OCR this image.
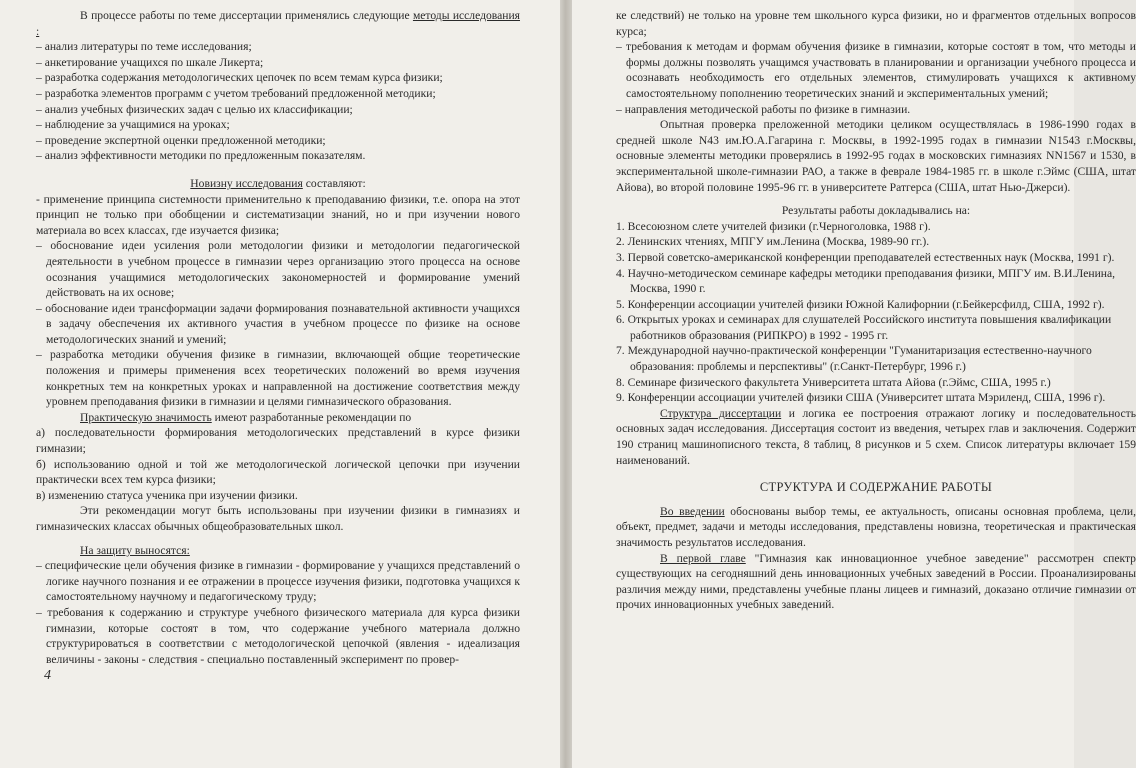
В процессе работы по теме диссертации применялись следующие методы исследования :

– анализ литературы по теме исследования;

– анкетирование учащихся по шкале Ликерта;

– разработка содержания методологических цепочек по всем темам курса физики;

– разработка элементов программ с учетом требований предложенной методики;

– анализ учебных физических задач с целью их классификации;

– наблюдение за учащимися на уроках;

– проведение экспертной оценки предложенной методики;

– анализ эффективности методики по предложенным показателям.

Новизну исследования составляют:

- применение принципа системности применительно к преподаванию физики, т.е. опора на этот принцип не только при обобщении и систематизации знаний, но и при изучении нового материала во всех классах, где изучается физика;

– обоснование идеи усиления роли методологии физики и методологии педагогической деятельности в учебном процессе в гимназии через организацию этого процесса на основе осознания учащимися методологических закономерностей и формирование умений действовать на их основе;

– обоснование идеи трансформации задачи формирования познавательной активности учащихся в задачу обеспечения их активного участия в учебном процессе по физике на основе методологических знаний и умений;

– разработка методики обучения физике в гимназии, включающей общие теоретические положения и примеры применения всех теоретических положений во время изучения конкретных тем на конкретных уроках и направленной на достижение соответствия между уровнем преподавания физики в гимназии и целями гимназического образования.

Практическую значимость имеют разработанные рекомендации по

а) последовательности формирования методологических представлений в курсе физики гимназии;

б) использованию одной и той же методологической логической цепочки при изучении практически всех тем курса физики;

в) изменению статуса ученика при изучении физики.

Эти рекомендации могут быть использованы при изучении физики в гимназиях и гимназических классах обычных общеобразовательных школ.

На защиту выносятся:

– специфические цели обучения физике в гимназии - формирование у учащихся представлений о логике научного познания и ее отражении в процессе изучения физики, подготовка учащихся к самостоятельному научному и педагогическому труду;

– требования к содержанию и структуре учебного физического материала для курса физики гимназии, которые состоят в том, что содержание учебного материала должно структурироваться в соответствии с методологической цепочкой (явления - идеализация величины - законы - следствия - специально поставленный эксперимент по провер-

4

ке следствий) не только на уровне тем школьного курса физики, но и фрагментов отдельных вопросов курса;

– требования к методам и формам обучения физике в гимназии, которые состоят в том, что методы и формы должны позволять учащимся участвовать в планировании и организации учебного процесса и осознавать необходимость его отдельных элементов, стимулировать учащихся к активному самостоятельному пополнению теоретических знаний и экспериментальных умений;

– направления методической работы по физике в гимназии.

Опытная проверка преложенной методики целиком осуществлялась в 1986-1990 годах в средней школе N43 им.Ю.А.Гагарина г. Москвы, в 1992-1995 годах в гимназии N1543 г.Москвы, основные элементы методики проверялись в 1992-95 годах в московских гимназиях NN1567 и 1530, в экспериментальной школе-гимназии РАО, а также в феврале 1984-1985 гг. в школе г.Эймс (США, штат Айова), во второй половине 1995-96 гг. в университете Ратгерса (США, штат Нью-Джерси).

Результаты работы докладывались на:

1. Всесоюзном слете учителей физики (г.Черноголовка, 1988 г).
2. Ленинских чтениях, МПГУ им.Ленина (Москва, 1989-90 гг.).
3. Первой советско-американской конференции преподавателей естественных наук (Москва, 1991 г).
4. Научно-методическом семинаре кафедры методики преподавания физики, МПГУ им. В.И.Ленина, Москва, 1990 г.
5. Конференции ассоциации учителей физики Южной Калифорнии (г.Бейкерсфилд, США, 1992 г).
6. Открытых уроках и семинарах для слушателей Российского института повышения квалификации работников образования (РИПКРО) в 1992 - 1995 гг.
7. Международной научно-практической конференции "Гуманитаризация естественно-научного образования: проблемы и перспективы" (г.Санкт-Петербург, 1996 г.)
8. Семинаре физического факультета Университета штата Айова (г.Эймс, США, 1995 г.)
9. Конференции ассоциации учителей физики США (Университет штата Мэриленд, США, 1996 г).

Структура диссертации и логика ее построения отражают логику и последовательность основных задач исследования. Диссертация состоит из введения, четырех глав и заключения. Содержит 190 страниц машинописного текста, 8 таблиц, 8 рисунков и 5 схем. Список литературы включает 159 наименований.

СТРУКТУРА И СОДЕРЖАНИЕ РАБОТЫ

Во введении обоснованы выбор темы, ее актуальность, описаны основная проблема, цели, объект, предмет, задачи и методы исследования, представлены новизна, теоретическая и практическая значимость результатов исследования.

В первой главе "Гимназия как инновационное учебное заведение" рассмотрен спектр существующих на сегодняшний день инновационных учебных заведений в России. Проанализированы различия между ними, представлены учебные планы лицеев и гимназий, доказано отличие гимназии от прочих инновационных учебных заведений.
